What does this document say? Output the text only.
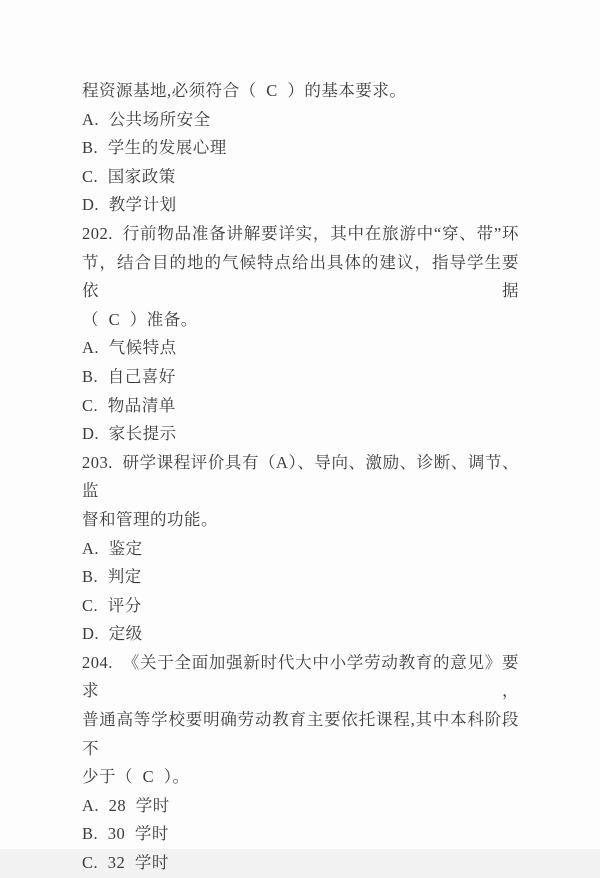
程资源基地,必须符合（ C ）的基本要求。
A. 公共场所安全
B. 学生的发展心理
C. 国家政策
D. 教学计划
202. 行前物品准备讲解要详实，其中在旅游中“穿、带”环
节，结合目的地的气候特点给出具体的建议，指导学生要依据
（ C ）准备。
A. 气候特点
B. 自己喜好
C. 物品清单
D. 家长提示
203. 研学课程评价具有（A）、导向、激励、诊断、调节、监
督和管理的功能。
A. 鉴定
B. 判定
C. 评分
D. 定级
204. 《关于全面加强新时代大中小学劳动教育的意见》要求，
普通高等学校要明确劳动教育主要依托课程,其中本科阶段不
少于（ C ）。
A. 28 学时
B. 30 学时
C. 32 学时
